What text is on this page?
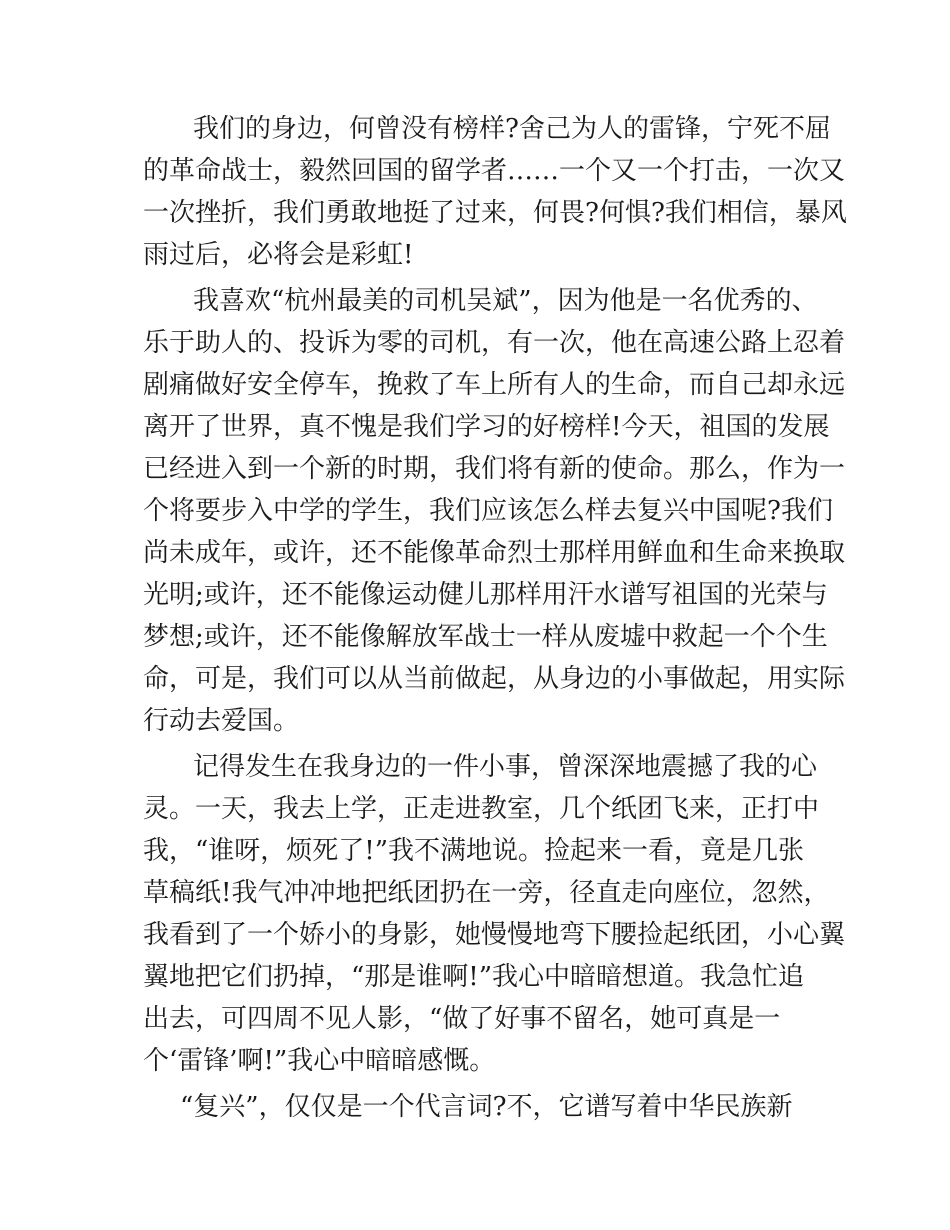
我们的身边，何曾没有榜样?舍己为人的雷锋，宁死不屈
的革命战士，毅然回国的留学者……一个又一个打击，一次又
一次挫折，我们勇敢地挺了过来，何畏?何惧?我们相信，暴风
雨过后，必将会是彩虹!
我喜欢“杭州最美的司机吴斌”，因为他是一名优秀的、
乐于助人的、投诉为零的司机，有一次，他在高速公路上忍着
剧痛做好安全停车，挽救了车上所有人的生命，而自己却永远
离开了世界，真不愧是我们学习的好榜样!今天，祖国的发展
已经进入到一个新的时期，我们将有新的使命。那么，作为一
个将要步入中学的学生，我们应该怎么样去复兴中国呢?我们
尚未成年，或许，还不能像革命烈士那样用鲜血和生命来换取
光明;或许，还不能像运动健儿那样用汗水谱写祖国的光荣与
梦想;或许，还不能像解放军战士一样从废墟中救起一个个生
命，可是，我们可以从当前做起，从身边的小事做起，用实际
行动去爱国。
记得发生在我身边的一件小事，曾深深地震撼了我的心
灵。一天，我去上学，正走进教室，几个纸团飞来，正打中
我，“谁呀，烦死了!”我不满地说。捡起来一看，竟是几张
草稿纸!我气冲冲地把纸团扔在一旁，径直走向座位，忽然，
我看到了一个娇小的身影，她慢慢地弯下腰捡起纸团，小心翼
翼地把它们扔掉，“那是谁啊!”我心中暗暗想道。我急忙追
出去，可四周不见人影，“做了好事不留名，她可真是一
个‘雷锋’啊!”我心中暗暗感慨。
“复兴”，仅仅是一个代言词?不，它谱写着中华民族新
